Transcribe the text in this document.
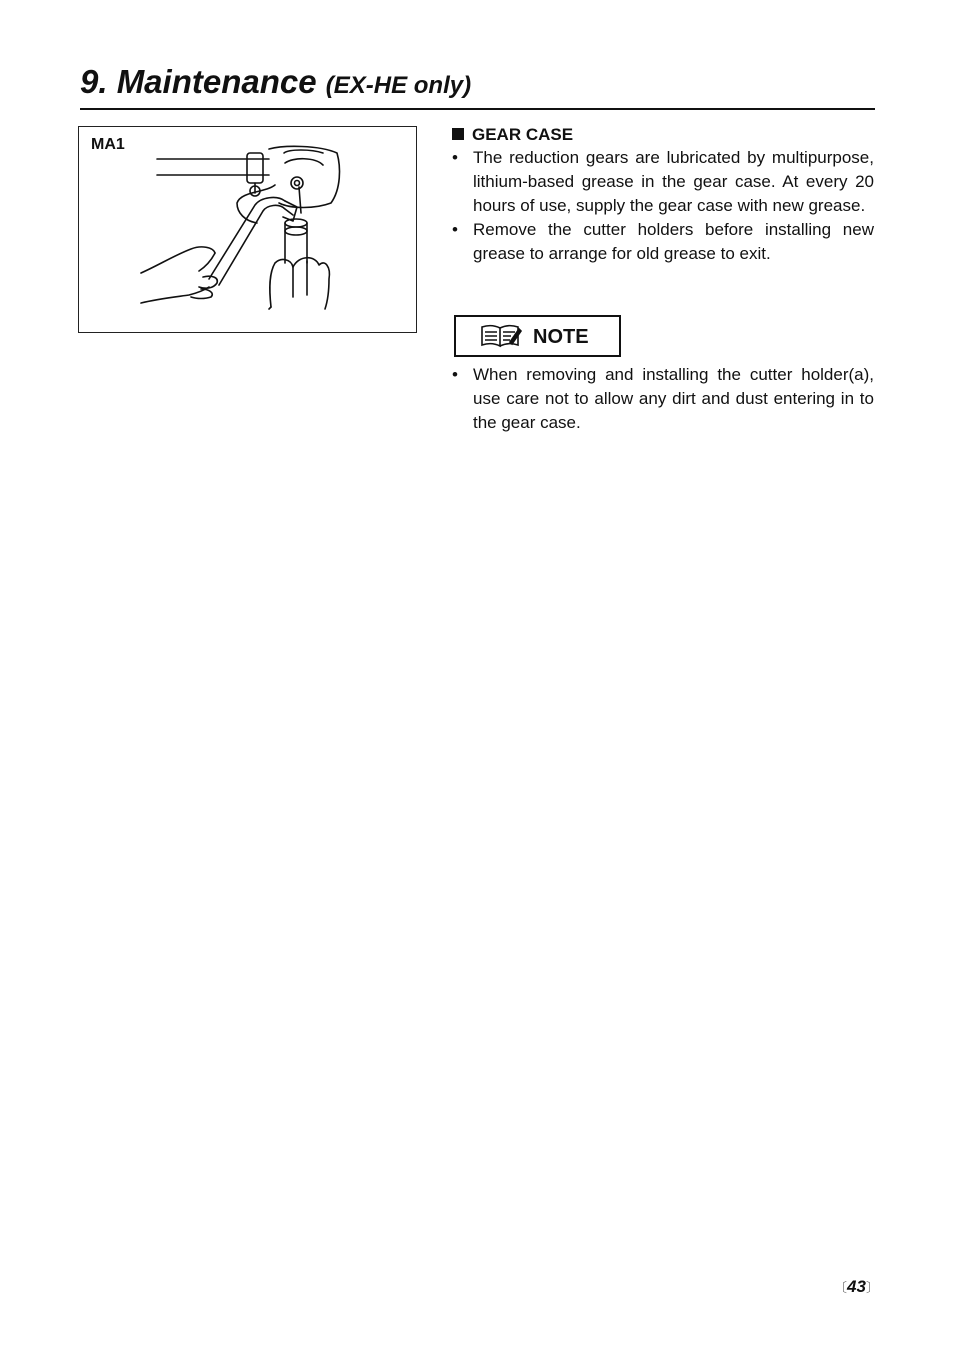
9. Maintenance (EX-HE only)
MA1
GEAR CASE
• The reduction gears are lubricated by multipurpose, lithium-based grease in the gear case. At every 20 hours of use, supply the gear case with new grease.
• Remove the cutter holders before installing new grease to arrange for old grease to exit.
NOTE
• When removing and installing the cutter holder(a), use care not to allow any dirt and dust entering in to the gear case.
〔43〕
